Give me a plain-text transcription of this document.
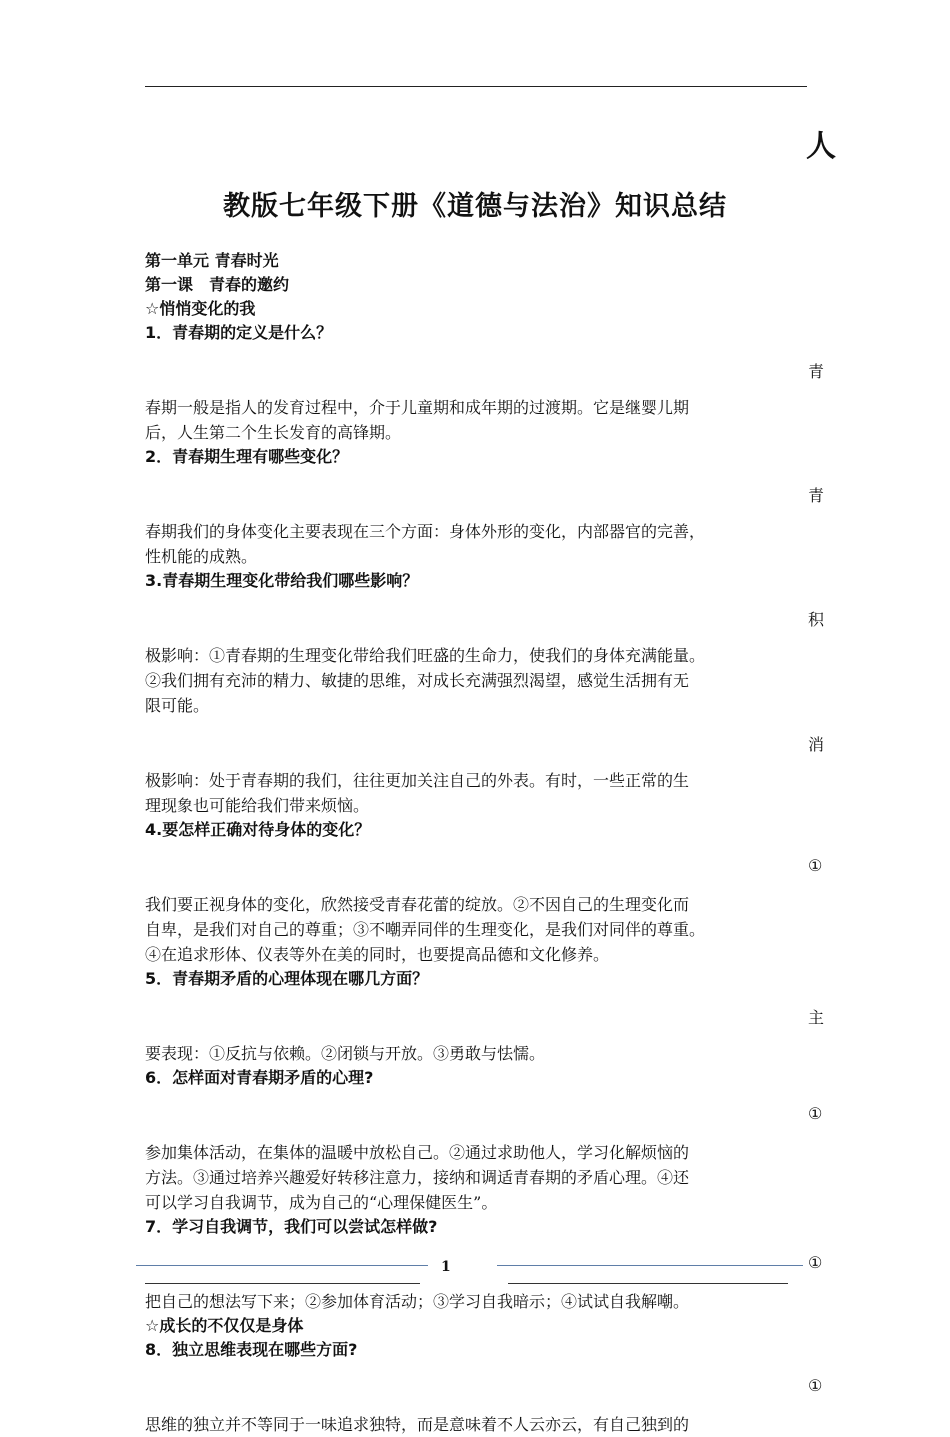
人
教版七年级下册《道德与法治》知识总结
第一单元 青春时光
第一课　青春的邀约
☆悄悄变化的我
1．青春期的定义是什么？
春期一般是指人的发育过程中，介于儿童期和成年期的过渡期。它是继婴儿期
后，人生第二个生长发育的高锋期。
2．青春期生理有哪些变化？
春期我们的身体变化主要表现在三个方面：身体外形的变化，内部器官的完善，
性机能的成熟。
3.青春期生理变化带给我们哪些影响？
极影响：①青春期的生理变化带给我们旺盛的生命力，使我们的身体充满能量。
②我们拥有充沛的精力、敏捷的思维，对成长充满强烈渴望，感觉生活拥有无
限可能。
极影响：处于青春期的我们，往往更加关注自己的外表。有时，一些正常的生
理现象也可能给我们带来烦恼。
4.要怎样正确对待身体的变化？
我们要正视身体的变化，欣然接受青春花蕾的绽放。②不因自己的生理变化而
自卑，是我们对自己的尊重；③不嘲弄同伴的生理变化，是我们对同伴的尊重。
④在追求形体、仪表等外在美的同时，也要提高品德和文化修养。
5．青春期矛盾的心理体现在哪几方面？
要表现：①反抗与依赖。②闭锁与开放。③勇敢与怯懦。
6．怎样面对青春期矛盾的心理?
参加集体活动，在集体的温暖中放松自己。②通过求助他人，学习化解烦恼的
方法。③通过培养兴趣爱好转移注意力，接纳和调适青春期的矛盾心理。④还
可以学习自我调节，成为自己的“心理保健医生”。
7．学习自我调节，我们可以尝试怎样做?
把自己的想法写下来；②参加体育活动；③学习自我暗示；④试试自我解嘲。
☆成长的不仅仅是身体
8．独立思维表现在哪些方面?
思维的独立并不等同于一味追求独特，而是意味着不人云亦云，有自己独到的
1
青
青
积
消
①
主
①
①
①
